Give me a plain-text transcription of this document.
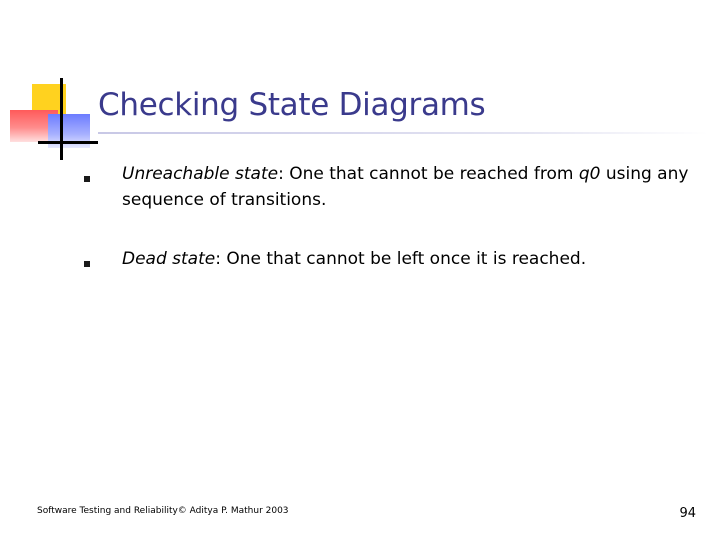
Checking State Diagrams
Unreachable state: One that cannot be reached from q0 using any sequence of transitions.
Dead state: One that cannot be left once it is reached.
Software Testing and Reliability© Aditya P. Mathur 2003	94
